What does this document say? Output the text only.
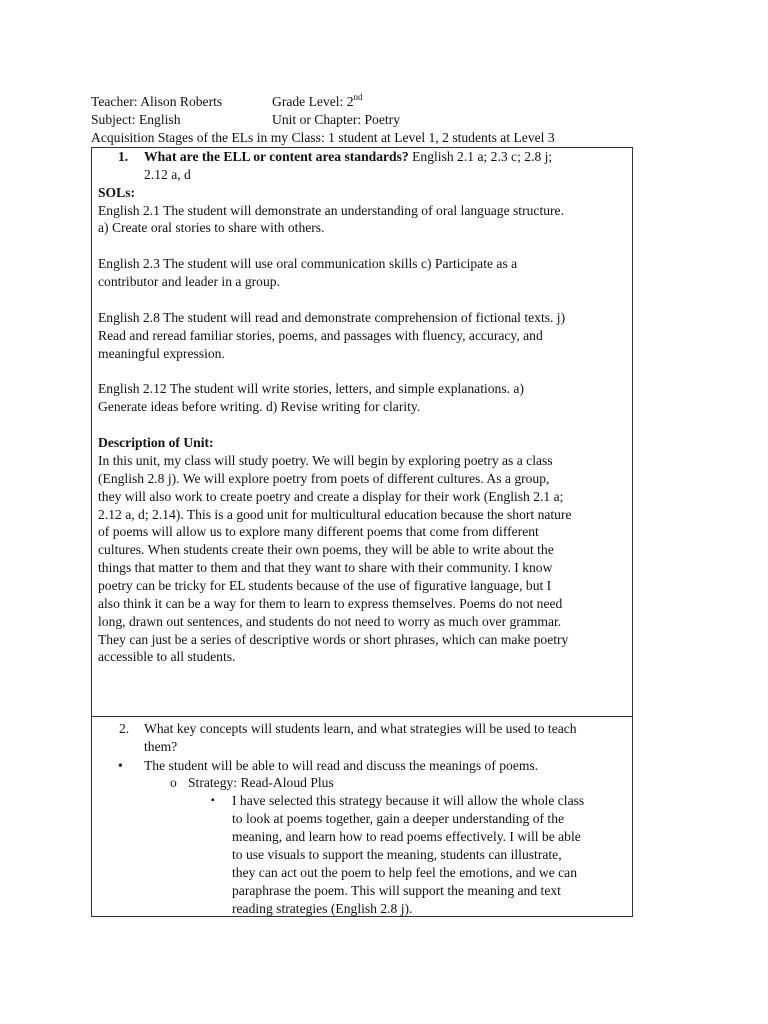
Teacher: Alison Roberts	Grade Level: 2nd
Subject: English	Unit or Chapter: Poetry
Acquisition Stages of the ELs in my Class: 1 student at Level 1, 2 students at Level 3
1. What are the ELL or content area standards? English 2.1 a; 2.3 c; 2.8 j;
2.12 a, d
SOLs:
English 2.1 The student will demonstrate an understanding of oral language structure.
a) Create oral stories to share with others.
English 2.3 The student will use oral communication skills c) Participate as a
contributor and leader in a group.
English 2.8 The student will read and demonstrate comprehension of fictional texts. j)
Read and reread familiar stories, poems, and passages with fluency, accuracy, and
meaningful expression.
English 2.12 The student will write stories, letters, and simple explanations. a)
Generate ideas before writing. d) Revise writing for clarity.
Description of Unit:
In this unit, my class will study poetry. We will begin by exploring poetry as a class
(English 2.8 j). We will explore poetry from poets of different cultures. As a group,
they will also work to create poetry and create a display for their work (English 2.1 a;
2.12 a, d; 2.14). This is a good unit for multicultural education because the short nature
of poems will allow us to explore many different poems that come from different
cultures. When students create their own poems, they will be able to write about the
things that matter to them and that they want to share with their community. I know
poetry can be tricky for EL students because of the use of figurative language, but I
also think it can be a way for them to learn to express themselves. Poems do not need
long, drawn out sentences, and students do not need to worry as much over grammar.
They can just be a series of descriptive words or short phrases, which can make poetry
accessible to all students.
2. What key concepts will students learn, and what strategies will be used to teach
them?
• The student will be able to will read and discuss the meanings of poems.
o Strategy: Read-Aloud Plus
▪ I have selected this strategy because it will allow the whole class
to look at poems together, gain a deeper understanding of the
meaning, and learn how to read poems effectively. I will be able
to use visuals to support the meaning, students can illustrate,
they can act out the poem to help feel the emotions, and we can
paraphrase the poem. This will support the meaning and text
reading strategies (English 2.8 j).
